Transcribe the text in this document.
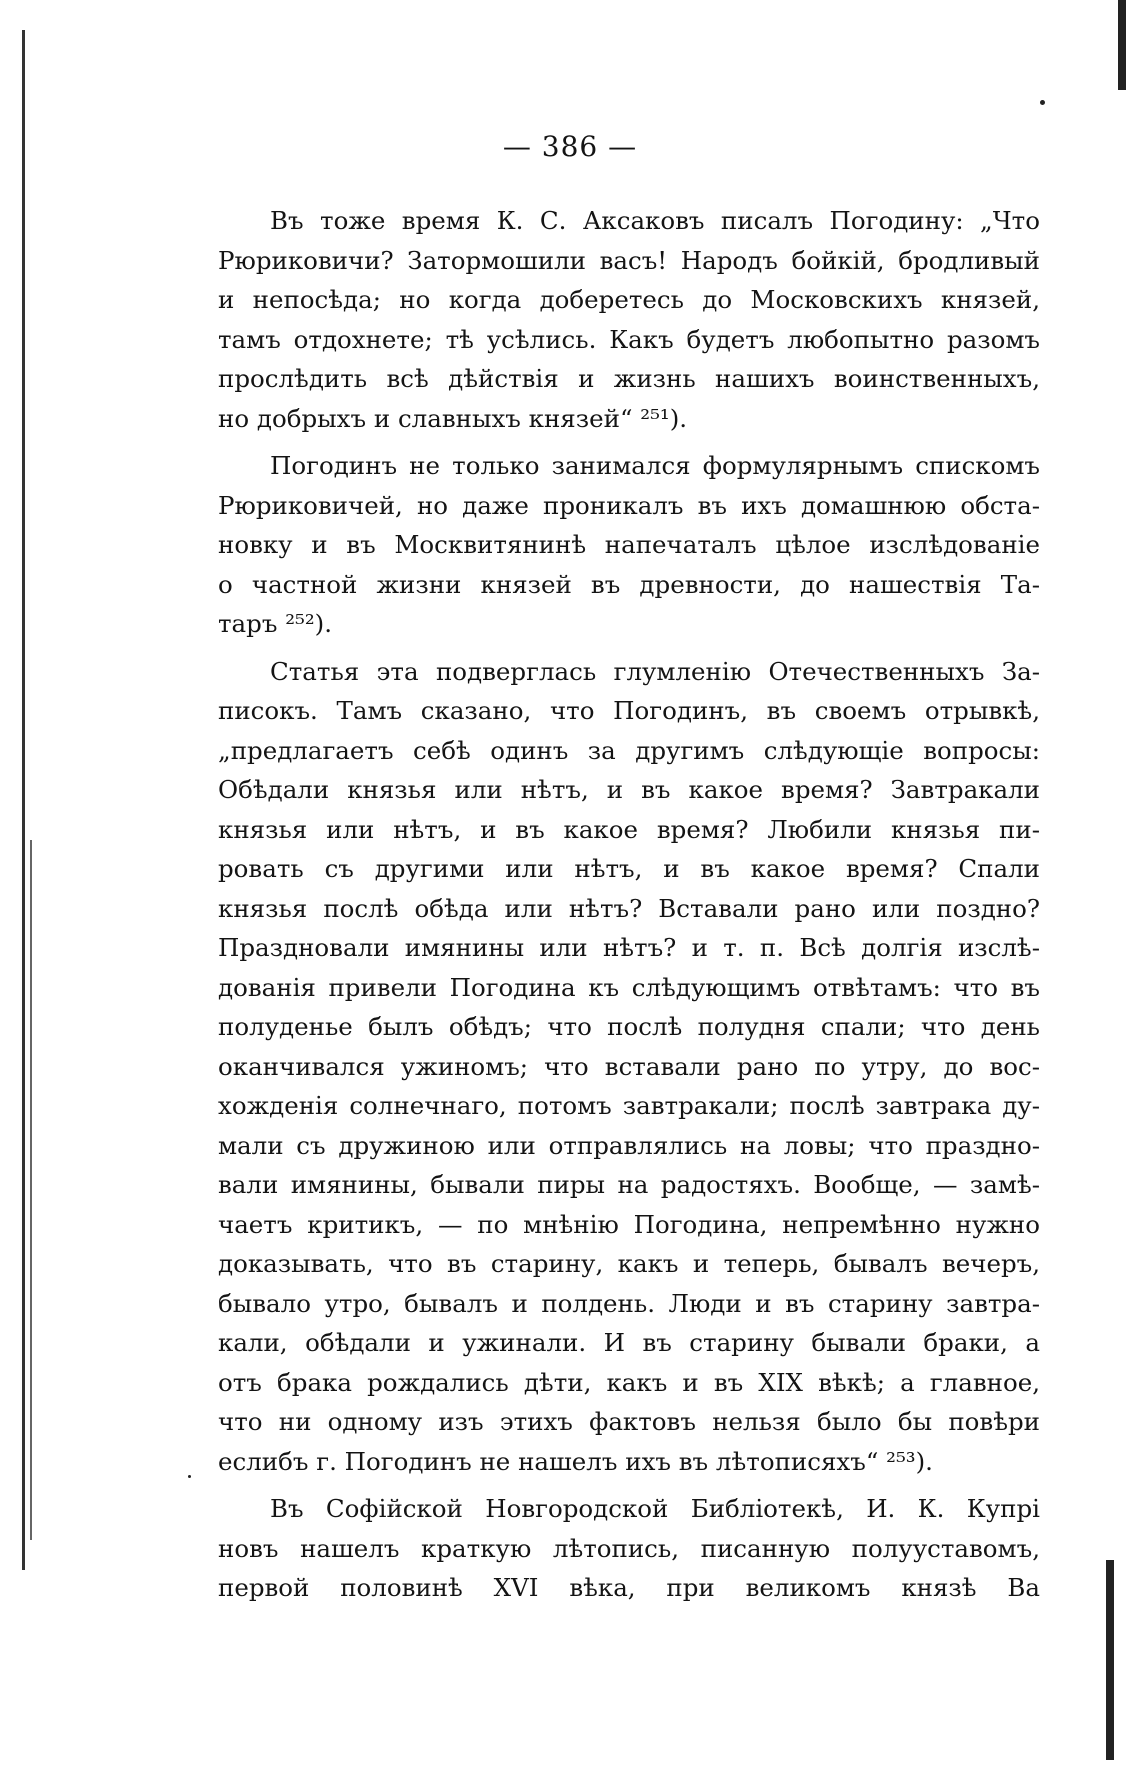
— 386 —
Въ тоже время К. С. Аксаковъ писалъ Погодину: „Что
Рюриковичи? Затормошили васъ! Народъ бойкій, бродливый
и непосѣда; но когда доберетесь до Московскихъ князей,
тамъ отдохнете; тѣ усѣлись. Какъ будетъ любопытно разомъ
прослѣдить всѣ дѣйствія и жизнь нашихъ воинственныхъ,
но добрыхъ и славныхъ князей“ ²⁵¹).
Погодинъ не только занимался формулярнымъ спискомъ
Рюриковичей, но даже проникалъ въ ихъ домашнюю обста-
новку и въ Москвитянинѣ напечаталъ цѣлое изслѣдованіе
о частной жизни князей въ древности, до нашествія Та-
таръ ²⁵²).
Статья эта подверглась глумленію Отечественныхъ За-
писокъ. Тамъ сказано, что Погодинъ, въ своемъ отрывкѣ,
„предлагаетъ себѣ одинъ за другимъ слѣдующіе вопросы:
Обѣдали князья или нѣтъ, и въ какое время? Завтракали
князья или нѣтъ, и въ какое время? Любили князья пи-
ровать съ другими или нѣтъ, и въ какое время? Спали
князья послѣ обѣда или нѣтъ? Вставали рано или поздно?
Праздновали имянины или нѣтъ? и т. п. Всѣ долгія изслѣ-
дованія привели Погодина къ слѣдующимъ отвѣтамъ: что въ
полуденье былъ обѣдъ; что послѣ полудня спали; что день
оканчивался ужиномъ; что вставали рано по утру, до вос-
хожденія солнечнаго, потомъ завтракали; послѣ завтрака ду-
мали съ дружиною или отправлялись на ловы; что праздно-
вали имянины, бывали пиры на радостяхъ. Вообще, — замѣ-
чаетъ критикъ, — по мнѣнію Погодина, непремѣнно нужно
доказывать, что въ старину, какъ и теперь, бывалъ вечеръ,
бывало утро, бывалъ и полдень. Люди и въ старину завтра-
кали, обѣдали и ужинали. И въ старину бывали браки, а
отъ брака рождались дѣти, какъ и въ XIX вѣкѣ; а главное,
что ни одному изъ этихъ фактовъ нельзя было бы повѣри
еслибъ г. Погодинъ не нашелъ ихъ въ лѣтописяхъ“ ²⁵³).
Въ Софійской Новгородской Библіотекѣ, И. К. Купрі
новъ нашелъ краткую лѣтопись, писанную полууставомъ,
первой половинѣ XVI вѣка, при великомъ князѣ Ва
